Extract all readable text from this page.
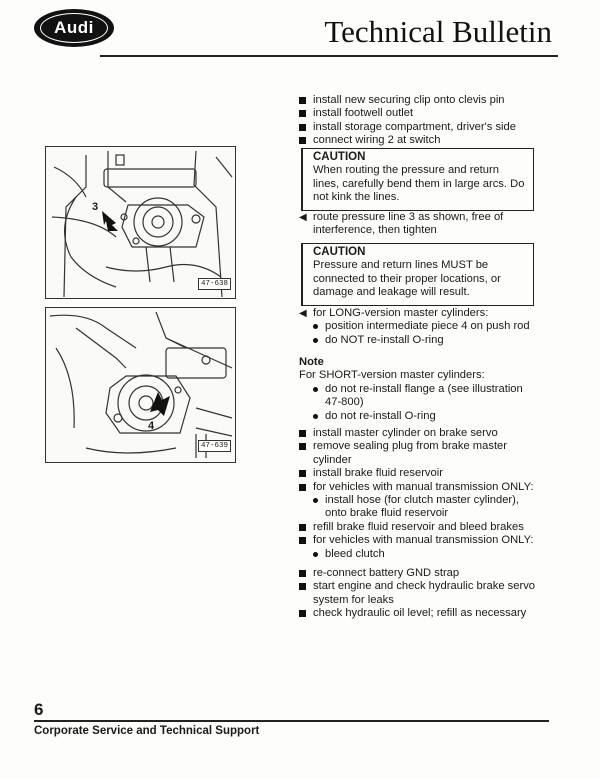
Audi	Technical Bulletin
3
47-638
4
47-639
install new securing clip onto clevis pin
install footwell outlet
install storage compartment, driver's side
connect wiring 2 at switch
CAUTION
When routing the pressure and return lines, carefully bend them in large arcs. Do not kink the lines.
◀ route pressure line 3 as shown, free of interference, then tighten
CAUTION
Pressure and return lines MUST be connected to their proper locations, or damage and leakage will result.
◀ for LONG-version master cylinders:
position intermediate piece 4 on push rod
do NOT re-install O-ring
Note
For SHORT-version master cylinders:
do not re-install flange a (see illustration 47-800)
do not re-install O-ring
install master cylinder on brake servo
remove sealing plug from brake master cylinder
install brake fluid reservoir
for vehicles with manual transmission ONLY:
install hose (for clutch master cylinder), onto brake fluid reservoir
refill brake fluid reservoir and bleed brakes
for vehicles with manual transmission ONLY:
bleed clutch
re-connect battery GND strap
start engine and check hydraulic brake servo system for leaks
check hydraulic oil level; refill as necessary
6
Corporate Service and Technical Support
